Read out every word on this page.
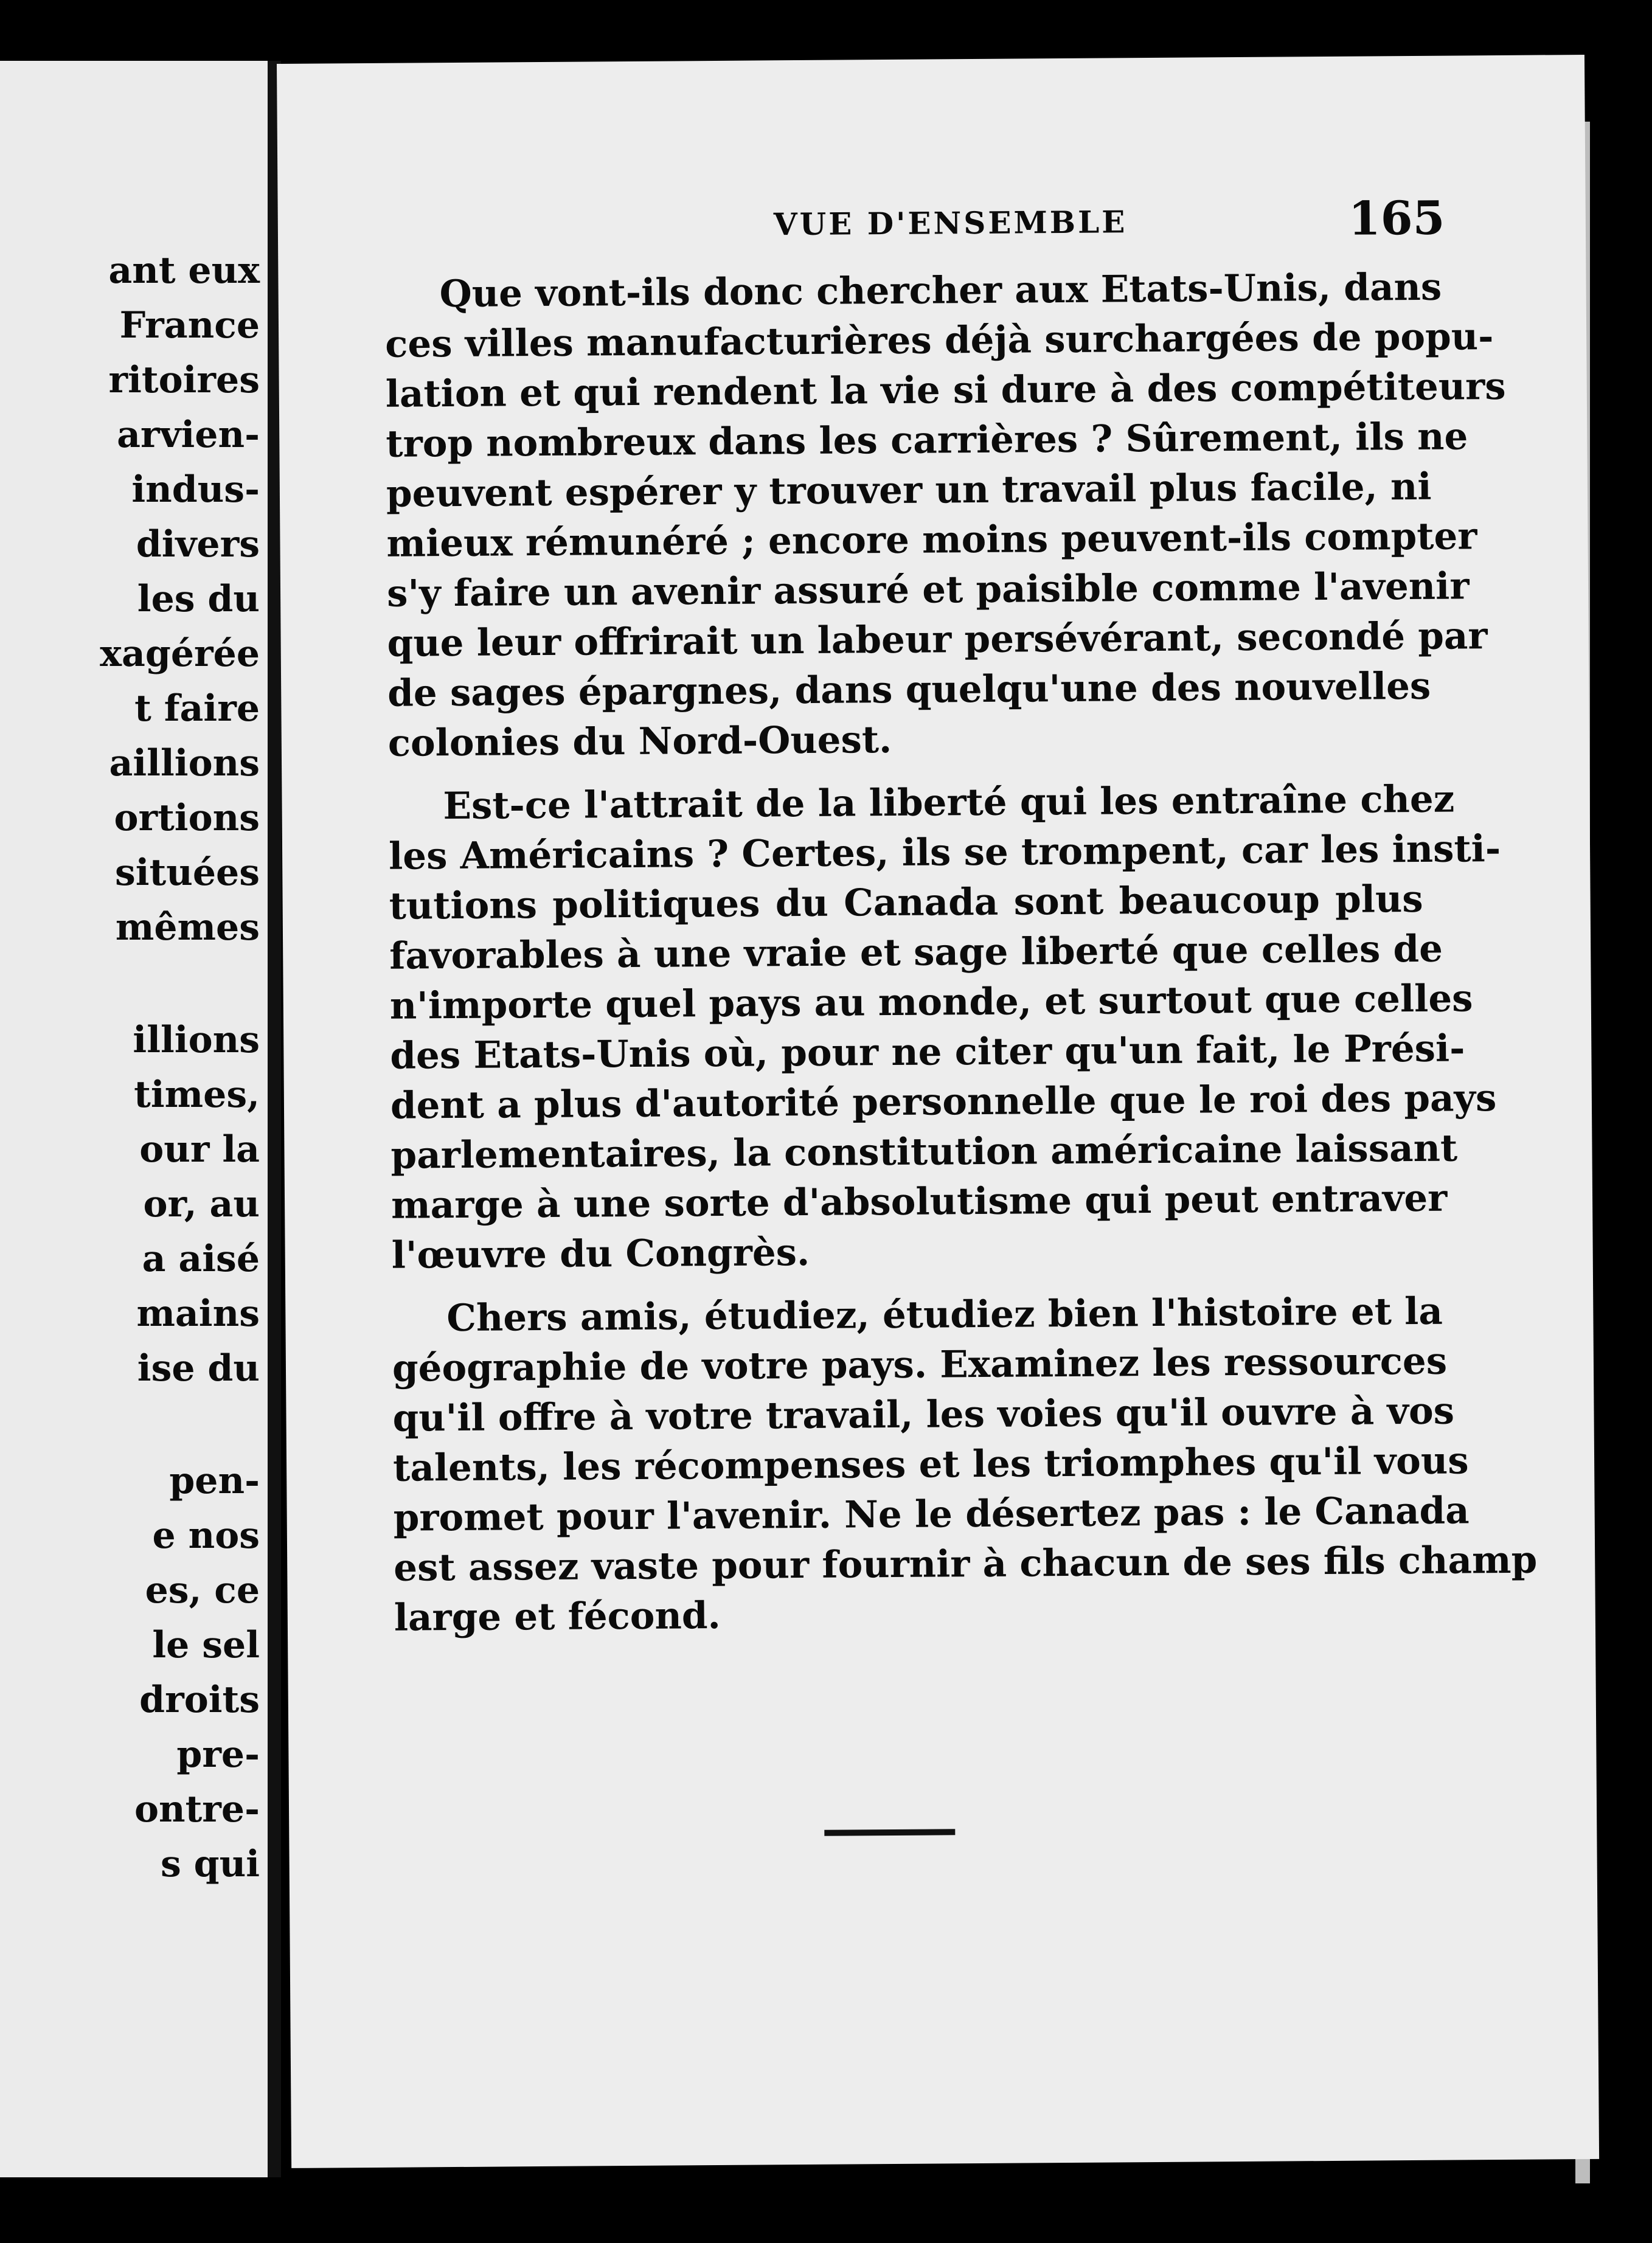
ant eux
France
ritoires
arvien-
indus-
divers
les du
xagérée
t faire
aillions
ortions
situées
mêmes
illions
times,
our la
or, au
a aisé
mains
ise du
pen-
e nos
es, ce
le sel
droits
pre-
ontre-
s qui
VUE D'ENSEMBLE	165
Que vont-ils donc chercher aux Etats-Unis, dans
ces villes manufacturières déjà surchargées de popu-
lation et qui rendent la vie si dure à des compétiteurs
trop nombreux dans les carrières ? Sûrement, ils ne
peuvent espérer y trouver un travail plus facile, ni
mieux rémunéré ; encore moins peuvent-ils compter
s'y faire un avenir assuré et paisible comme l'avenir
que leur offrirait un labeur persévérant, secondé par
de sages épargnes, dans quelqu'une des nouvelles
colonies du Nord-Ouest.
Est-ce l'attrait de la liberté qui les entraîne chez
les Américains ? Certes, ils se trompent, car les insti-
tutions politiques du Canada sont beaucoup plus
favorables à une vraie et sage liberté que celles de
n'importe quel pays au monde, et surtout que celles
des Etats-Unis où, pour ne citer qu'un fait, le Prési-
dent a plus d'autorité personnelle que le roi des pays
parlementaires, la constitution américaine laissant
marge à une sorte d'absolutisme qui peut entraver
l'œuvre du Congrès.
Chers amis, étudiez, étudiez bien l'histoire et la
géographie de votre pays. Examinez les ressources
qu'il offre à votre travail, les voies qu'il ouvre à vos
talents, les récompenses et les triomphes qu'il vous
promet pour l'avenir. Ne le désertez pas : le Canada
est assez vaste pour fournir à chacun de ses fils champ
large et fécond.
